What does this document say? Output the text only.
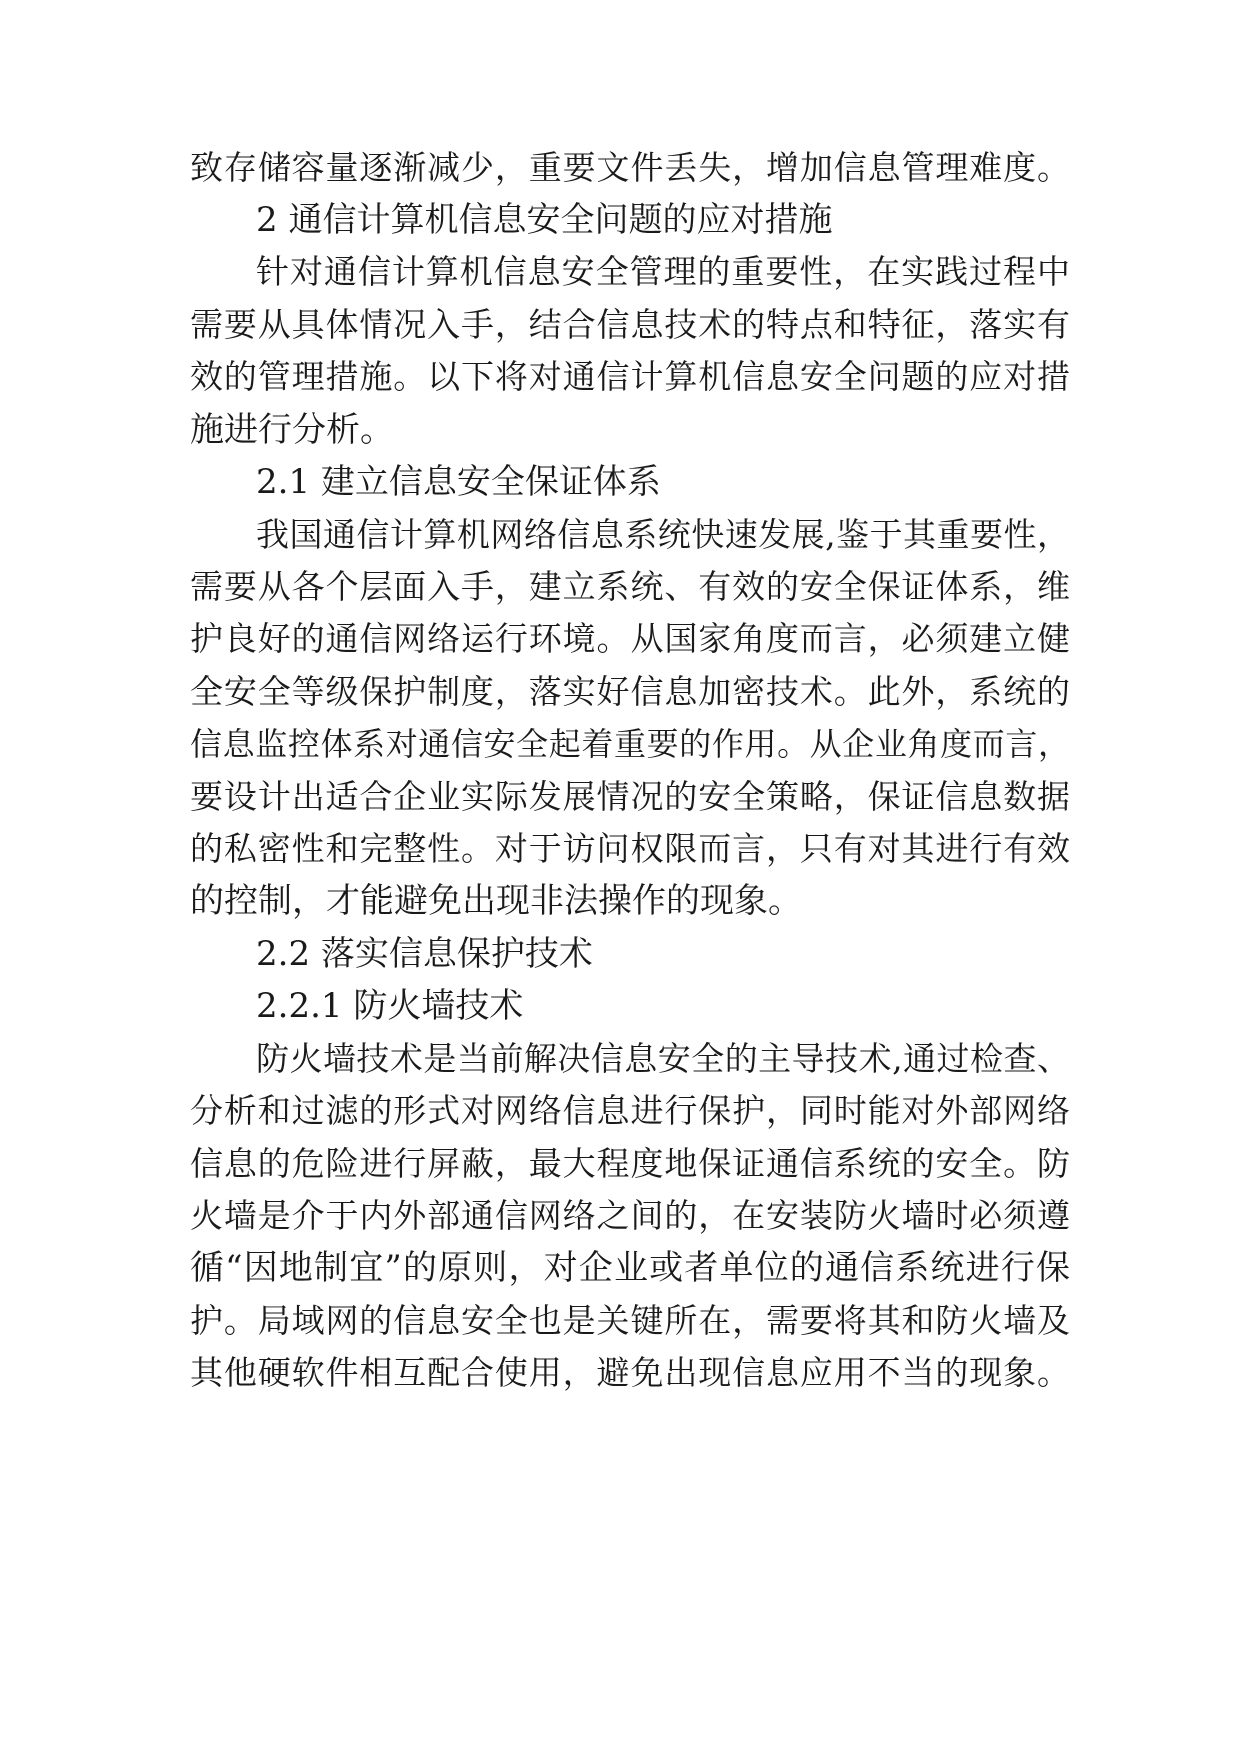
致存储容量逐渐减少，重要文件丢失，增加信息管理难度。
2 通信计算机信息安全问题的应对措施
针对通信计算机信息安全管理的重要性，在实践过程中
需要从具体情况入手，结合信息技术的特点和特征，落实有
效的管理措施。以下将对通信计算机信息安全问题的应对措
施进行分析。
2.1 建立信息安全保证体系
我国通信计算机网络信息系统快速发展,鉴于其重要性，
需要从各个层面入手，建立系统、有效的安全保证体系，维
护良好的通信网络运行环境。从国家角度而言，必须建立健
全安全等级保护制度，落实好信息加密技术。此外，系统的
信息监控体系对通信安全起着重要的作用。从企业角度而言，
要设计出适合企业实际发展情况的安全策略，保证信息数据
的私密性和完整性。对于访问权限而言，只有对其进行有效
的控制，才能避免出现非法操作的现象。
2.2 落实信息保护技术
2.2.1 防火墙技术
防火墙技术是当前解决信息安全的主导技术,通过检查、
分析和过滤的形式对网络信息进行保护，同时能对外部网络
信息的危险进行屏蔽，最大程度地保证通信系统的安全。防
火墙是介于内外部通信网络之间的，在安装防火墙时必须遵
循“因地制宜”的原则，对企业或者单位的通信系统进行保
护。局域网的信息安全也是关键所在，需要将其和防火墙及
其他硬软件相互配合使用，避免出现信息应用不当的现象。
